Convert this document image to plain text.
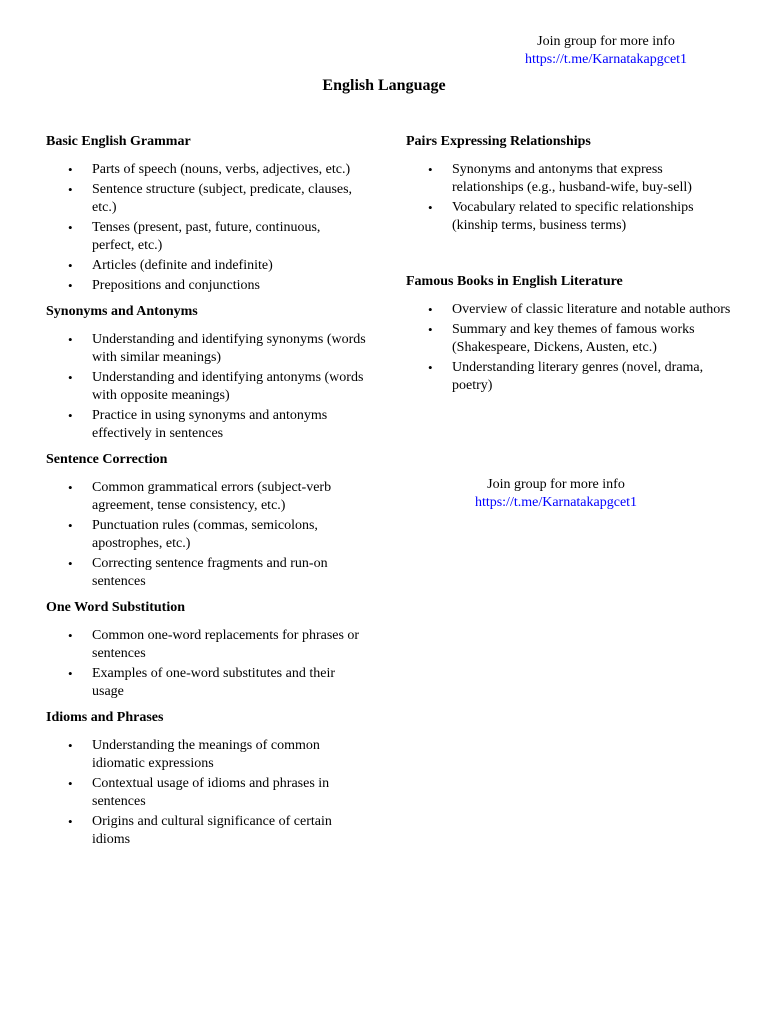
Join group for more info
https://t.me/Karnatakapgcet1
English Language
Basic English Grammar
• Parts of speech (nouns, verbs, adjectives, etc.)
• Sentence structure (subject, predicate, clauses, etc.)
• Tenses (present, past, future, continuous, perfect, etc.)
• Articles (definite and indefinite)
• Prepositions and conjunctions
Synonyms and Antonyms
• Understanding and identifying synonyms (words with similar meanings)
• Understanding and identifying antonyms (words with opposite meanings)
• Practice in using synonyms and antonyms effectively in sentences
Sentence Correction
• Common grammatical errors (subject-verb agreement, tense consistency, etc.)
• Punctuation rules (commas, semicolons, apostrophes, etc.)
• Correcting sentence fragments and run-on sentences
One Word Substitution
• Common one-word replacements for phrases or sentences
• Examples of one-word substitutes and their usage
Idioms and Phrases
• Understanding the meanings of common idiomatic expressions
• Contextual usage of idioms and phrases in sentences
• Origins and cultural significance of certain idioms
Pairs Expressing Relationships
• Synonyms and antonyms that express relationships (e.g., husband-wife, buy-sell)
• Vocabulary related to specific relationships (kinship terms, business terms)
Famous Books in English Literature
• Overview of classic literature and notable authors
• Summary and key themes of famous works (Shakespeare, Dickens, Austen, etc.)
• Understanding literary genres (novel, drama, poetry)
Join group for more info
https://t.me/Karnatakapgcet1
